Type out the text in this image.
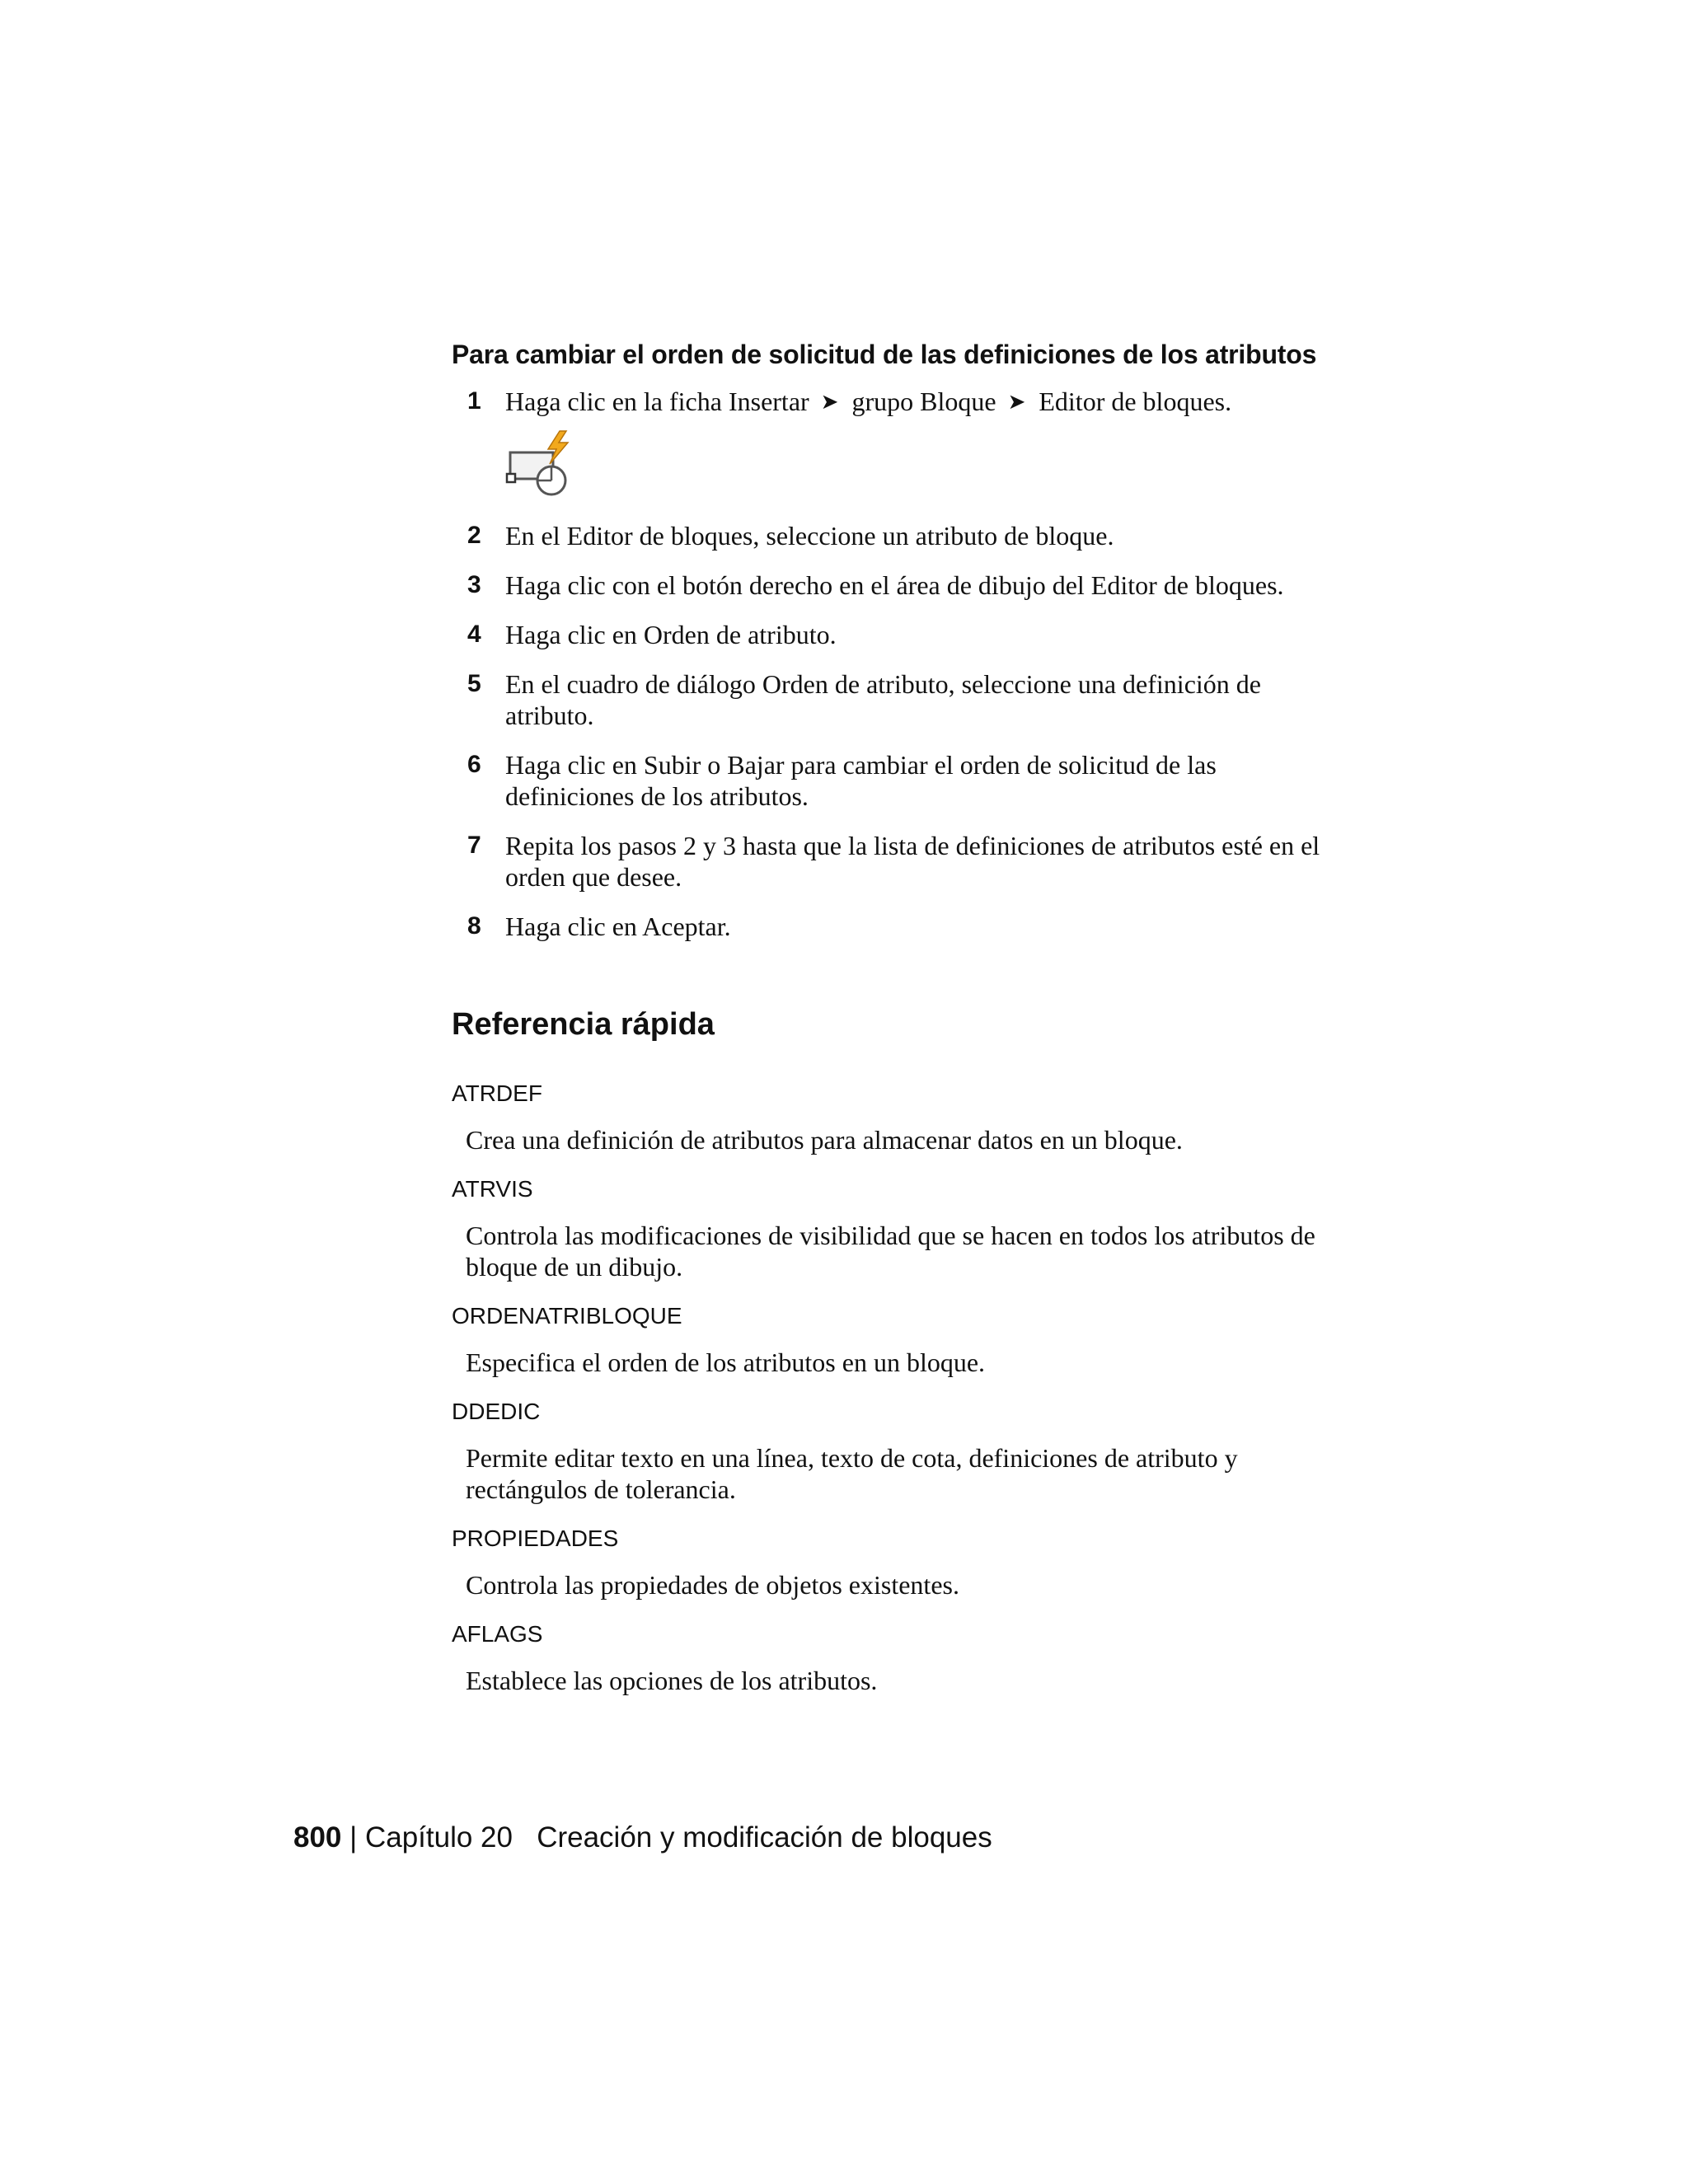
Para cambiar el orden de solicitud de las definiciones de los atributos
1 Haga clic en la ficha Insertar ➤ grupo Bloque ➤ Editor de bloques.
2 En el Editor de bloques, seleccione un atributo de bloque.
3 Haga clic con el botón derecho en el área de dibujo del Editor de bloques.
4 Haga clic en Orden de atributo.
5 En el cuadro de diálogo Orden de atributo, seleccione una definición de atributo.
6 Haga clic en Subir o Bajar para cambiar el orden de solicitud de las definiciones de los atributos.
7 Repita los pasos 2 y 3 hasta que la lista de definiciones de atributos esté en el orden que desee.
8 Haga clic en Aceptar.
Referencia rápida
ATRDEF
Crea una definición de atributos para almacenar datos en un bloque.
ATRVIS
Controla las modificaciones de visibilidad que se hacen en todos los atributos de bloque de un dibujo.
ORDENATRIBLOQUE
Especifica el orden de los atributos en un bloque.
DDEDIC
Permite editar texto en una línea, texto de cota, definiciones de atributo y rectángulos de tolerancia.
PROPIEDADES
Controla las propiedades de objetos existentes.
AFLAGS
Establece las opciones de los atributos.
800 | Capítulo 20 Creación y modificación de bloques
